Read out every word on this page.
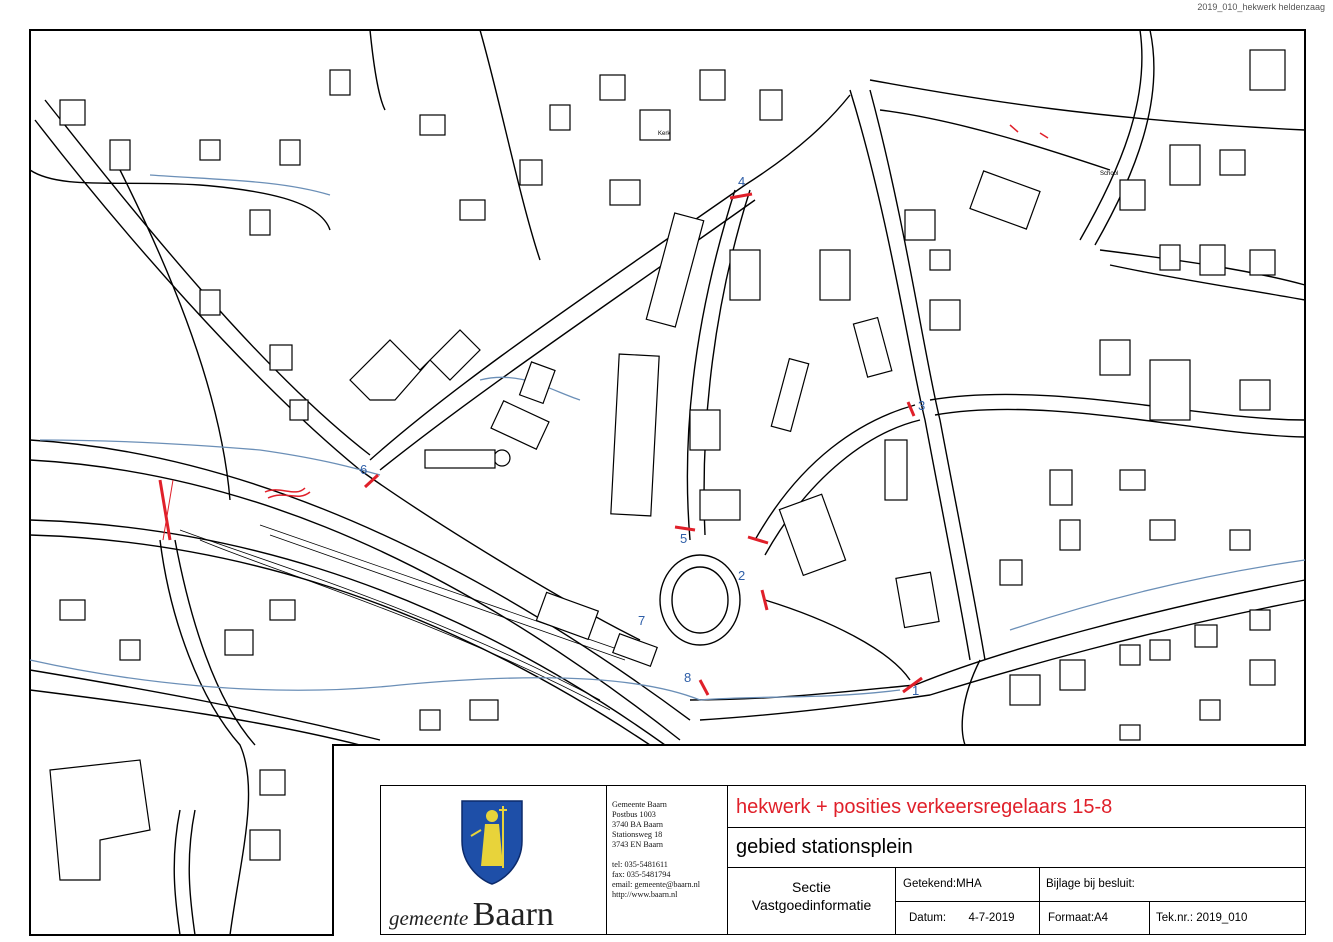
2019_010_hekwerk heldenzaag
Kerk
School
1
2
3
4
5
6
7
8
gemeente Baarn
Gemeente Baarn
Postbus 1003
3740 BA Baarn
Stationsweg 18
3743 EN Baarn
tel: 035-5481611
fax: 035-5481794
email: gemeente@baarn.nl
http://www.baarn.nl
hekwerk + posities verkeersregelaars 15-8
gebied stationsplein
Sectie
Vastgoedinformatie
Getekend:MHA	Bijlage bij besluit:
Datum: 4-7-2019	Formaat:A4	Tek.nr.: 2019_010
